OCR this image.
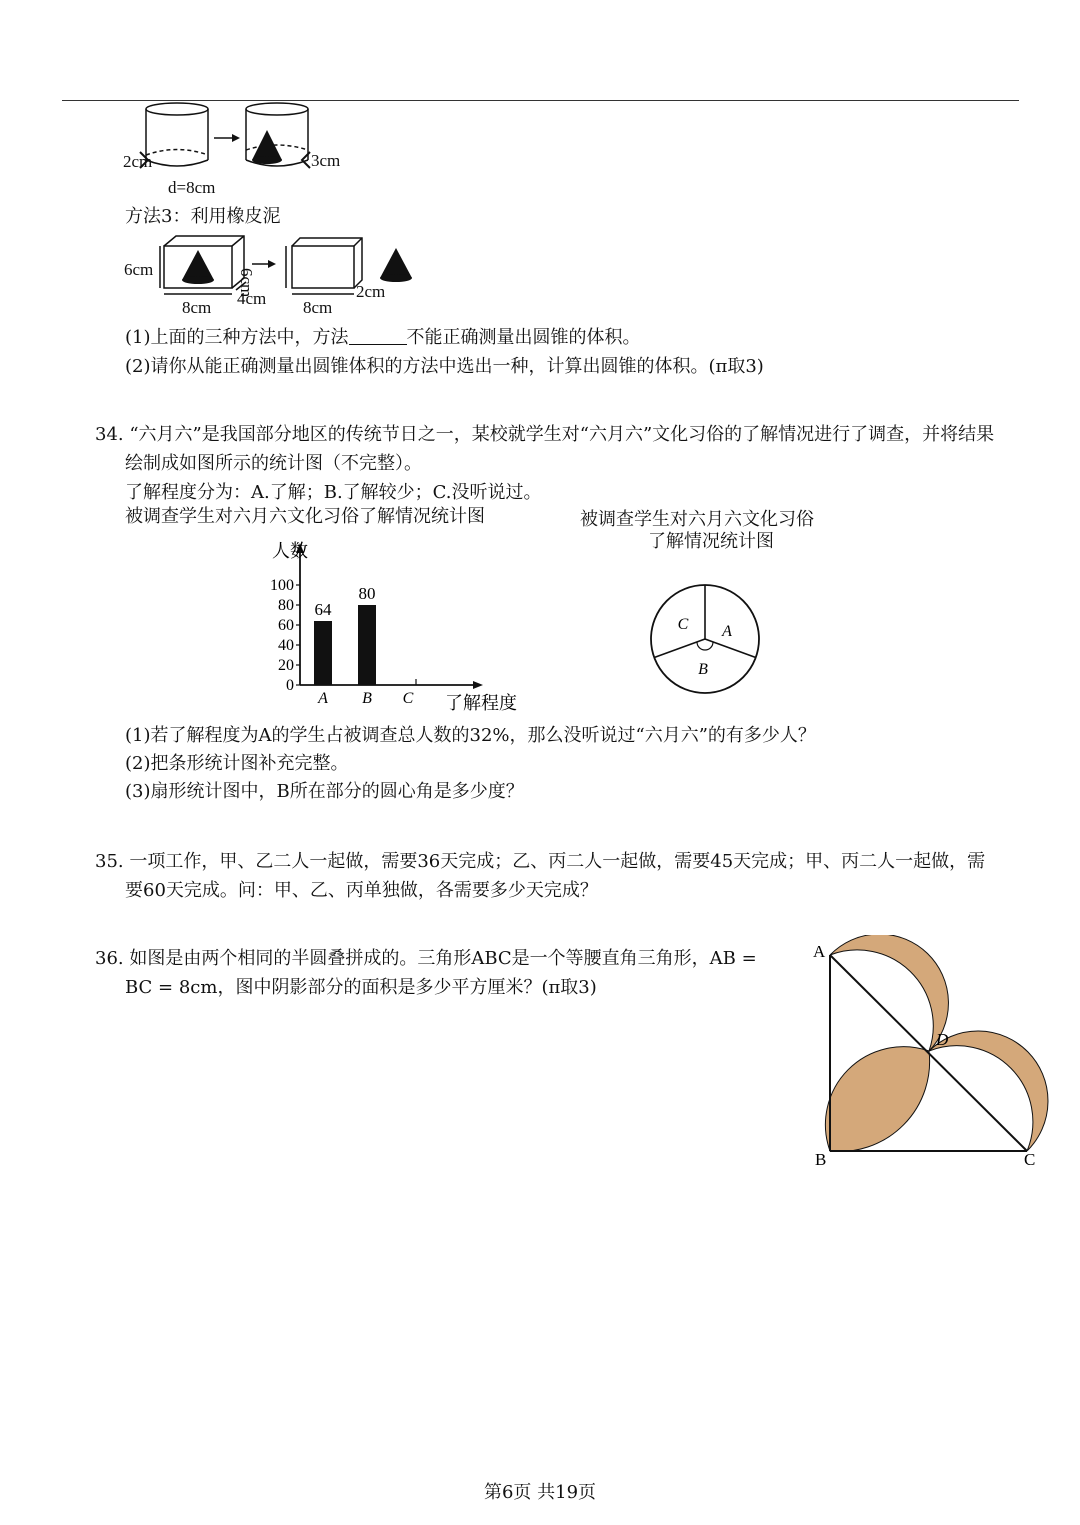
2cm	3cm
d=8cm
方法3：利用橡皮泥
6cm
8cm 4cm
6cm
8cm
2cm
(1)上面的三种方法中，方法	不能正确测量出圆锥的体积。
(2)请你从能正确测量出圆锥体积的方法中选出一种，计算出圆锥的体积。(π取3)
34. “六月六”是我国部分地区的传统节日之一，某校就学生对“六月六”文化习俗的了解情况进行了调查，并将结果
绘制成如图所示的统计图（不完整）。
了解程度分为：A.了解；B.了解较少；C.没听说过。
被调查学生对六月六文化习俗了解情况统计图	被调查学生对六月六文化习俗
了解情况统计图
人数
了解程度
0
20
40
60
80
100
64
A
80
B C
A
B
C
(1)若了解程度为A的学生占被调查总人数的32%，那么没听说过“六月六”的有多少人？
(2)把条形统计图补充完整。
(3)扇形统计图中，B所在部分的圆心角是多少度？
35. 一项工作，甲、乙二人一起做，需要36天完成；乙、丙二人一起做，需要45天完成；甲、丙二人一起做，需
要60天完成。问：甲、乙、丙单独做，各需要多少天完成？
36. 如图是由两个相同的半圆叠拼成的。三角形ABC是一个等腰直角三角形，AB =
BC = 8cm，图中阴影部分的面积是多少平方厘米？(π取3)
A
B	C
D
第6页 共19页
